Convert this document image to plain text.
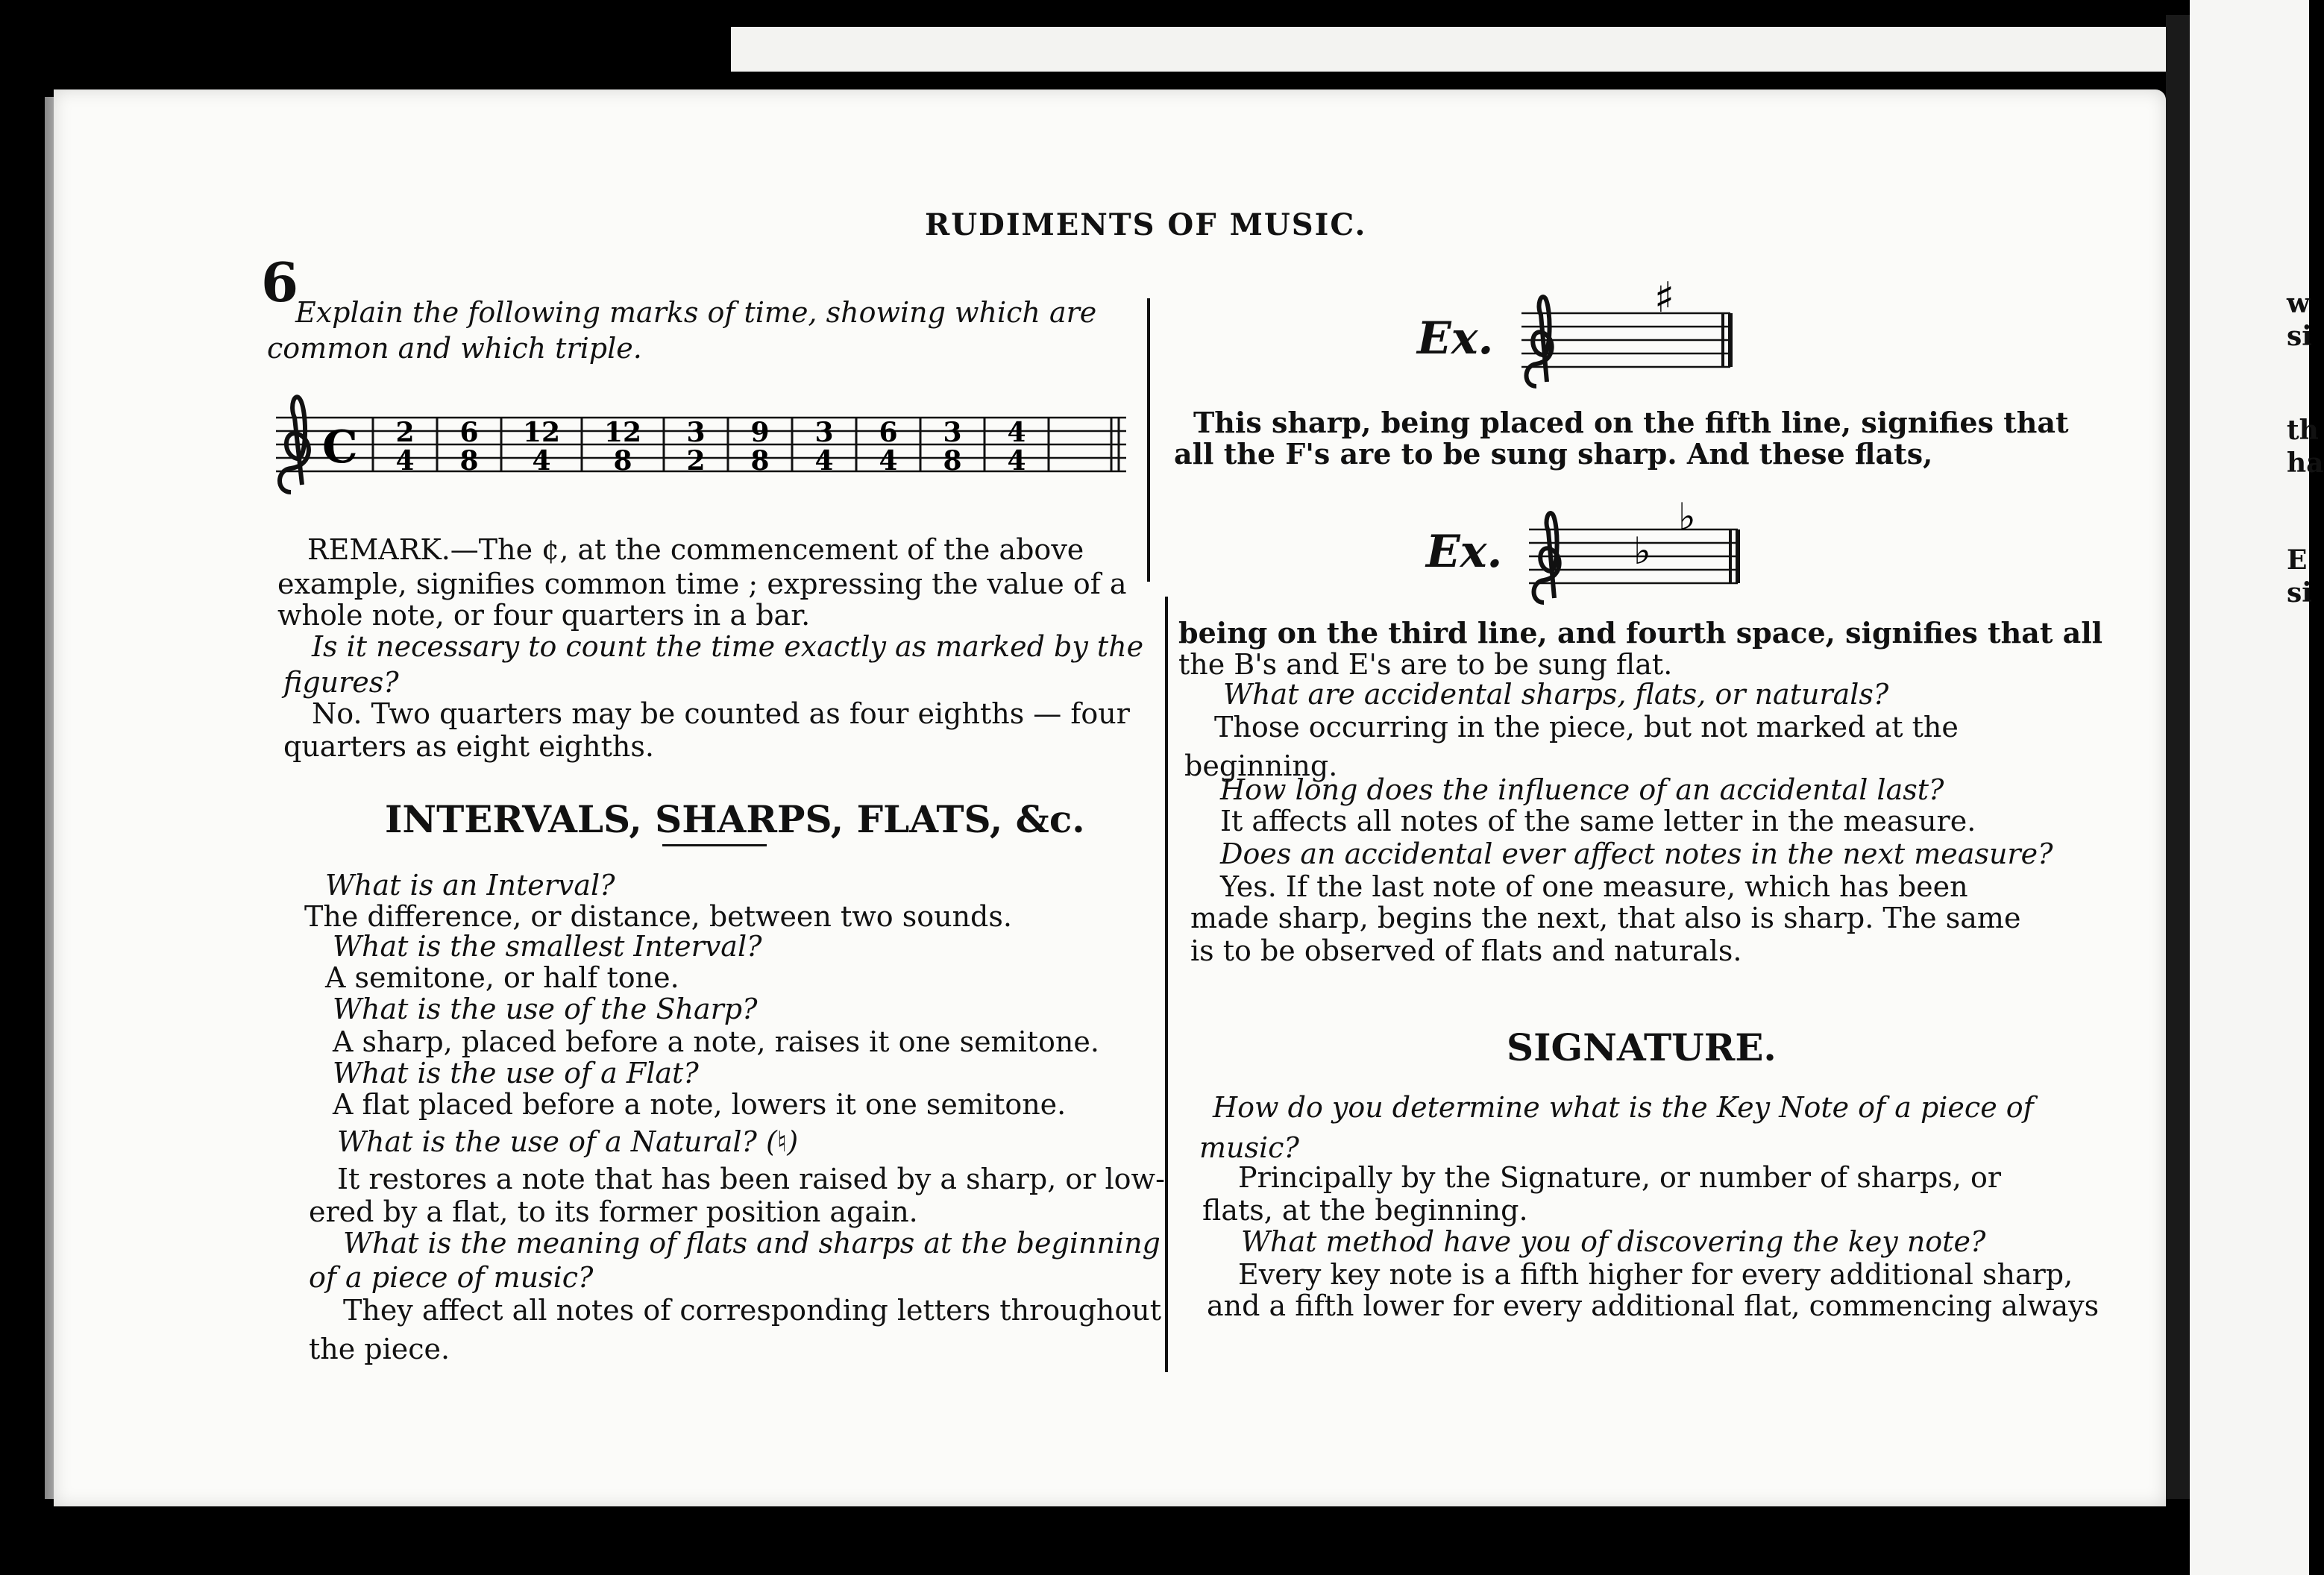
w
si
th
ha
E
si
RUDIMENTS OF MUSIC.
6
Explain the following marks of time, showing which are
common and which triple.
C 2
4
6
8
12
4
12
8
3
2
9
8
3
4
6
4
3
8
4
4
REMARK.—The ¢, at the commencement of the above
example, signifies common time ; expressing the value of a
whole note, or four quarters in a bar.
Is it necessary to count the time exactly as marked by the
figures?
No. Two quarters may be counted as four eighths — four
quarters as eight eighths.
INTERVALS, SHARPS, FLATS, &c.
What is an Interval?
The difference, or distance, between two sounds.
What is the smallest Interval?
A semitone, or half tone.
What is the use of the Sharp?
A sharp, placed before a note, raises it one semitone.
What is the use of a Flat?
A flat placed before a note, lowers it one semitone.
What is the use of a Natural? (♮)
It restores a note that has been raised by a sharp, or low-
ered by a flat, to its former position again.
What is the meaning of flats and sharps at the beginning
of a piece of music?
They affect all notes of corresponding letters throughout
the piece.
Ex.
♯
This sharp, being placed on the fifth line, signifies that
all the F's are to be sung sharp. And these flats,
Ex.	♭
♭
being on the third line, and fourth space, signifies that all
the B's and E's are to be sung flat.
What are accidental sharps, flats, or naturals?
Those occurring in the piece, but not marked at the
beginning.
How long does the influence of an accidental last?
It affects all notes of the same letter in the measure.
Does an accidental ever affect notes in the next measure?
Yes. If the last note of one measure, which has been
made sharp, begins the next, that also is sharp. The same
is to be observed of flats and naturals.
SIGNATURE.
How do you determine what is the Key Note of a piece of
music?
Principally by the Signature, or number of sharps, or
flats, at the beginning.
What method have you of discovering the key note?
Every key note is a fifth higher for every additional sharp,
and a fifth lower for every additional flat, commencing always
